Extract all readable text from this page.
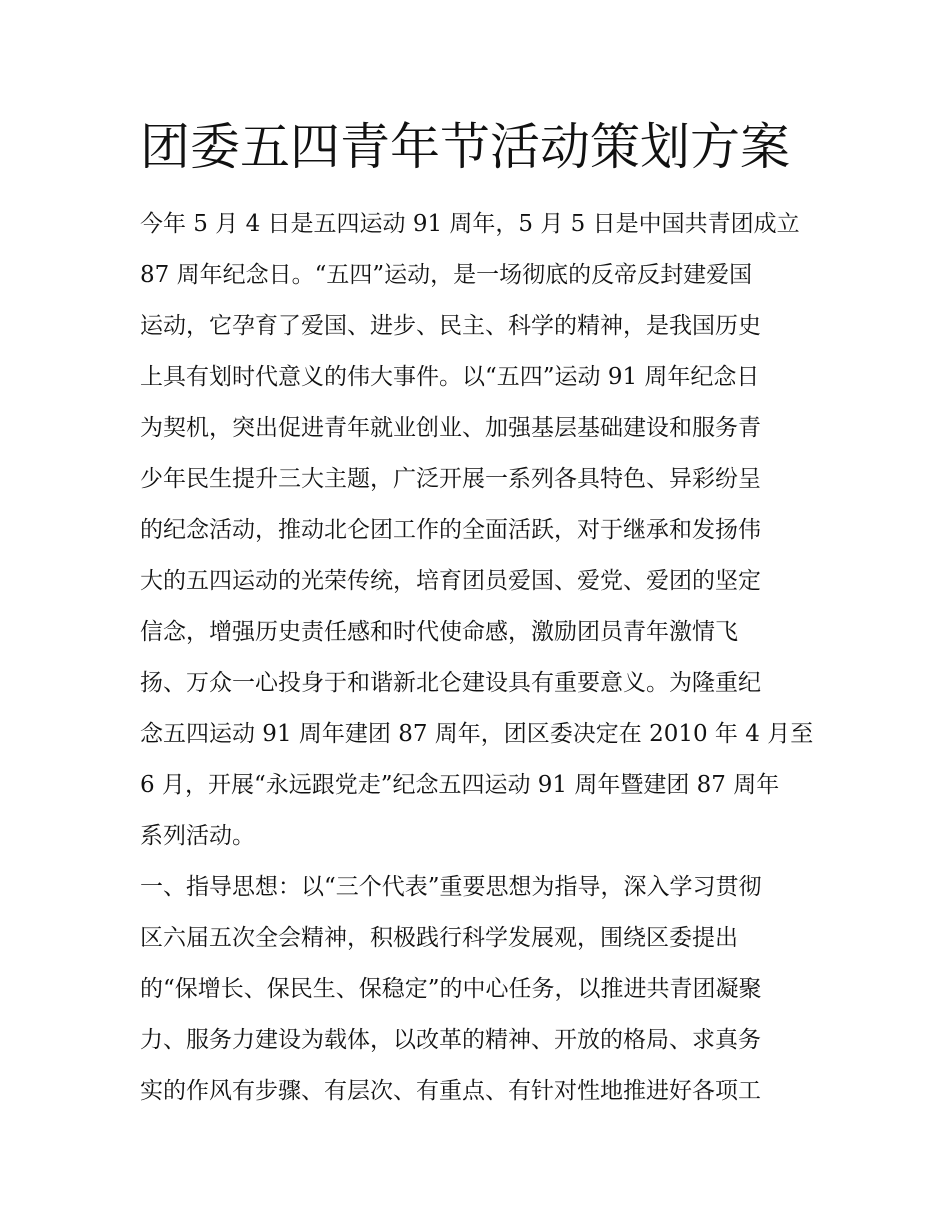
团委五四青年节活动策划方案

今年 5 月 4 日是五四运动 91 周年，5 月 5 日是中国共青团成立

87 周年纪念日。“五四”运动，是一场彻底的反帝反封建爱国

运动，它孕育了爱国、进步、民主、科学的精神，是我国历史

上具有划时代意义的伟大事件。以“五四”运动 91 周年纪念日

为契机，突出促进青年就业创业、加强基层基础建设和服务青

少年民生提升三大主题，广泛开展一系列各具特色、异彩纷呈

的纪念活动，推动北仑团工作的全面活跃，对于继承和发扬伟

大的五四运动的光荣传统，培育团员爱国、爱党、爱团的坚定

信念，增强历史责任感和时代使命感，激励团员青年激情飞

扬、万众一心投身于和谐新北仑建设具有重要意义。为隆重纪

念五四运动 91 周年建团 87 周年，团区委决定在 2010 年 4 月至

6 月，开展“永远跟党走”纪念五四运动 91 周年暨建团 87 周年

系列活动。

一、指导思想：以“三个代表”重要思想为指导，深入学习贯彻

区六届五次全会精神，积极践行科学发展观，围绕区委提出

的“保增长、保民生、保稳定”的中心任务，以推进共青团凝聚

力、服务力建设为载体，以改革的精神、开放的格局、求真务

实的作风有步骤、有层次、有重点、有针对性地推进好各项工
